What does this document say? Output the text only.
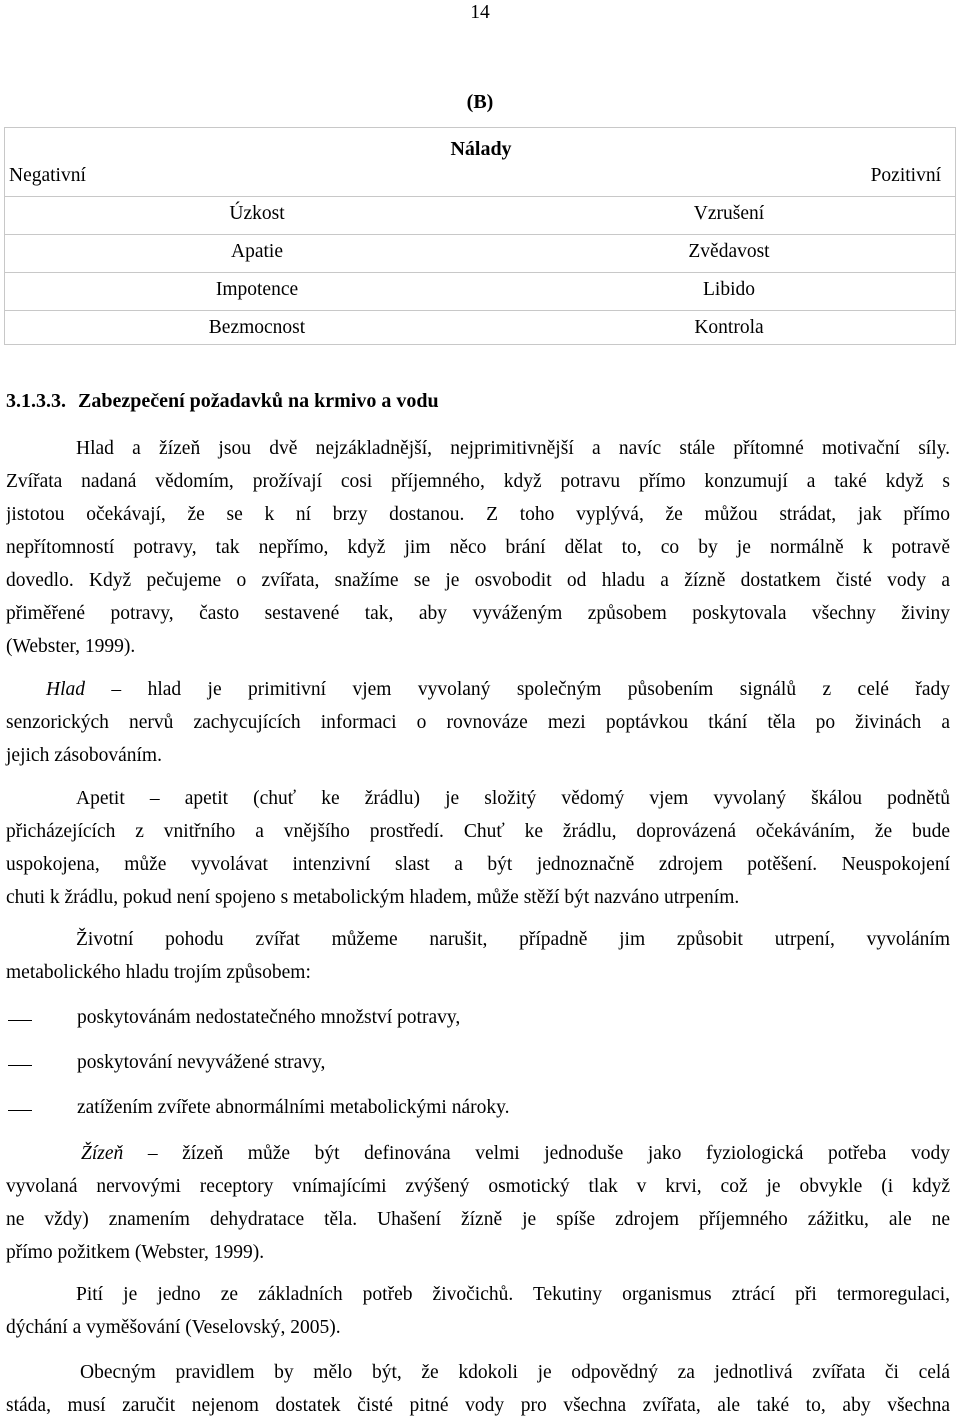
14
(B)
Nálady
Negativní	Pozitivní
Úzkost	Vzrušení
Apatie	Zvědavost
Impotence	Libido
Bezmocnost	Kontrola
3.1.3.3. Zabezpečení požadavků na krmivo a vodu
Hlad a žízeň jsou dvě nejzákladnější, nejprimitivnější a navíc stále přítomné motivační síly.
Zvířata nadaná vědomím, prožívají cosi příjemného, když potravu přímo konzumují a také když s
jistotou očekávají, že se k ní brzy dostanou. Z toho vyplývá, že můžou strádat, jak přímo
nepřítomností potravy, tak nepřímo, když jim něco brání dělat to, co by je normálně k potravě
dovedlo. Když pečujeme o zvířata, snažíme se je osvobodit od hladu a žízně dostatkem čisté vody a
přiměřené potravy, často sestavené tak, aby vyváženým způsobem poskytovala všechny živiny
(Webster, 1999).
Hlad – hlad je primitivní vjem vyvolaný společným působením signálů z celé řady
senzorických nervů zachycujících informaci o rovnováze mezi poptávkou tkání těla po živinách a
jejich zásobováním.
Apetit – apetit (chuť ke žrádlu) je složitý vědomý vjem vyvolaný škálou podnětů
přicházejících z vnitřního a vnějšího prostředí. Chuť ke žrádlu, doprovázená očekáváním, že bude
uspokojena, může vyvolávat intenzivní slast a být jednoznačně zdrojem potěšení. Neuspokojení
chuti k žrádlu, pokud není spojeno s metabolickým hladem, může stěží být nazváno utrpením.
Životní pohodu zvířat můžeme narušit, případně jim způsobit utrpení, vyvoláním
metabolického hladu trojím způsobem:
poskytovánám nedostatečného množství potravy,
poskytování nevyvážené stravy,
zatížením zvířete abnormálními metabolickými nároky.
Žízeň – žízeň může být definována velmi jednoduše jako fyziologická potřeba vody
vyvolaná nervovými receptory vnímajícími zvýšený osmotický tlak v krvi, což je obvykle (i když
ne vždy) znamením dehydratace těla. Uhašení žízně je spíše zdrojem příjemného zážitku, ale ne
přímo požitkem (Webster, 1999).
Pití je jedno ze základních potřeb živočichů. Tekutiny organismus ztrácí při termoregulaci,
dýchání a vyměšování (Veselovský, 2005).
Obecným pravidlem by mělo být, že kdokoli je odpovědný za jednotlivá zvířata či celá
stáda, musí zaručit nejenom dostatek čisté pitné vody pro všechna zvířata, ale také to, aby všechna
